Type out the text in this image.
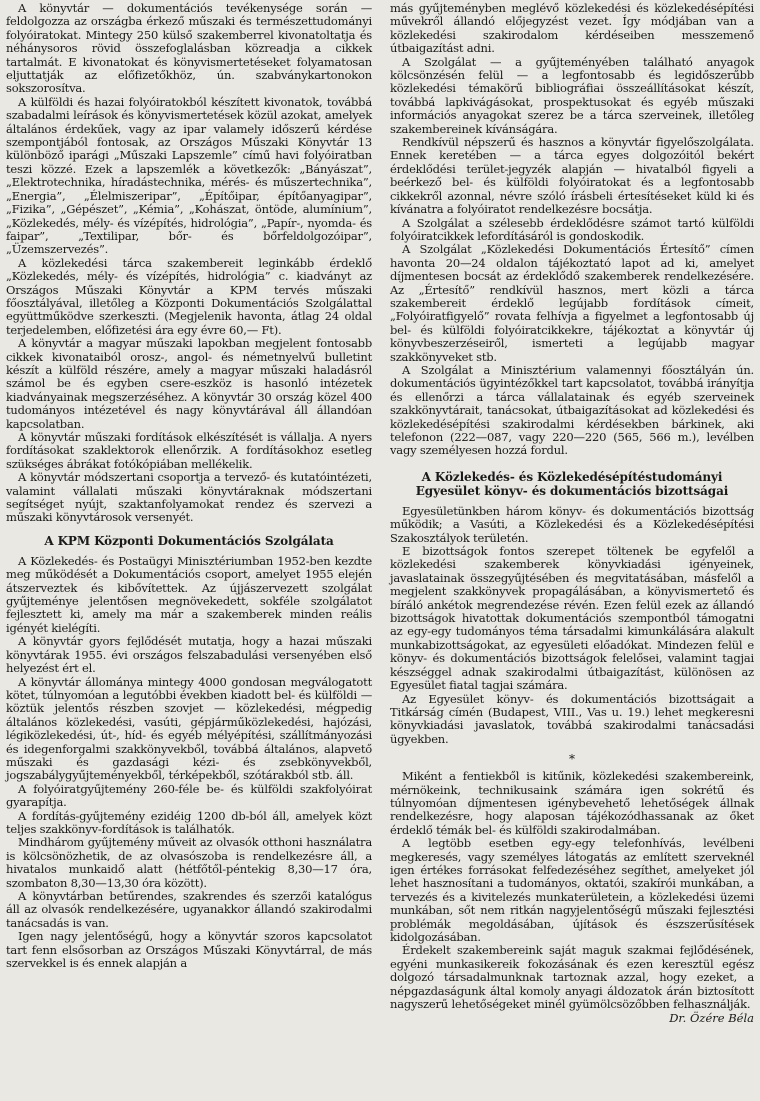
A könyvtár — dokumentációs tevékenysége során — feldolgozza az országba érkező műszaki és természettudományi folyóiratokat. Mintegy 250 külső szakemberrel kivonatoltatja és néhánysoros rövid összefoglalásban közreadja a cikkek tartalmát. E kivonatokat és könyvismertetéseket folyamatosan eljuttatják az előfizetőkhöz, ún. szabványkartonokon sokszorosítva.

A külföldi és hazai folyóiratokból készített kivonatok, továbbá szabadalmi leírások és könyvismertetések közül azokat, amelyek általános érdekűek, vagy az ipar valamely időszerű kérdése szempontjából fontosak, az Országos Műszaki Könyvtár 13 különböző iparági „Műszaki Lapszemle” című havi folyóiratban teszi közzé. Ezek a lapszemlék a következők: „Bányászat”, „Elektrotechnika, híradástechnika, mérés- és műszertechnika”, „Energia”, „Élelmiszeripar”, „Építőipar, építőanyagipar”, „Fizika”, „Gépészet”, „Kémia”, „Kohászat, öntöde, alumínium”, „Közlekedés, mély- és vízépítés, hidrológia”, „Papír-, nyomda- és faipar”, „Textilipar, bőr- és bőrfeldolgozóipar”, „Üzemszervezés”.

A közlekedési tárca szakembereit leginkább érdeklő „Közlekedés, mély- és vízépítés, hidrológia” c. kiadványt az Országos Műszaki Könyvtár a KPM tervés műszaki főosztályával, illetőleg a Központi Dokumentációs Szolgálattal együttműködve szerkeszti. (Megjelenik havonta, átlag 24 oldal terjedelemben, előfizetési ára egy évre 60,— Ft).

A könyvtár a magyar műszaki lapokban megjelent fontosabb cikkek kivonataiból orosz-, angol- és németnyelvű bulletint készít a külföld részére, amely a magyar műszaki haladásról számol be és egyben csere-eszköz is hasonló intézetek kiadványainak megszerzéséhez. A könyvtár 30 ország közel 400 tudományos intézetével és nagy könyvtárával áll állandóan kapcsolatban.

A könyvtár műszaki fordítások elkészítését is vállalja. A nyers fordításokat szaklektorok ellenőrzik. A fordításokhoz esetleg szükséges ábrákat fotókópiában mellékelik.

A könyvtár módszertani csoportja a tervező- és kutatóintézeti, valamint vállalati műszaki könyvtáraknak módszertani segítséget nyújt, szaktanfolyamokat rendez és szervezi a műszaki könyvtárosok versenyét.

A KPM Központi Dokumentációs Szolgálata

A Közlekedés- és Postaügyi Minisztériumban 1952-ben kezdte meg működését a Dokumentációs csoport, amelyet 1955 elején átszerveztek és kibővítettek. Az újjászervezett szolgálat gyűjteménye jelentősen megnövekedett, sokféle szolgálatot fejlesztett ki, amely ma már a szakemberek minden reális igényét kielégíti.

A könyvtár gyors fejlődését mutatja, hogy a hazai műszaki könyvtárak 1955. évi országos felszabadulási versenyében első helyezést ért el.

A könyvtár állománya mintegy 4000 gondosan megválogatott kötet, túlnyomóan a legutóbbi években kiadott bel- és külföldi — köztük jelentős részben szovjet — közlekedési, mégpedig általános közlekedési, vasúti, gépjárműközlekedési, hajózási, légiközlekedési, út-, híd- és egyéb mélyépítési, szállítmányozási és idegenforgalmi szakkönyvekből, továbbá általános, alapvető műszaki és gazdasági kézi- és zsebkönyvekből, jogszabálygyűjteményekből, térképekből, szótárakból stb. áll.

A folyóiratgyűjtemény 260-féle be- és külföldi szakfolyóirat gyarapítja.

A fordítás-gyűjtemény ezidéig 1200 db-ból áll, amelyek közt teljes szakkönyv-fordítások is találhatók.

Mindhárom gyűjtemény műveit az olvasók otthoni használatra is kölcsönözhetik, de az olvasószoba is rendelkezésre áll, a hivatalos munkaidő alatt (hétfőtől-péntekig 8,30—17 óra, szombaton 8,30—13,30 óra között).

A könyvtárban betűrendes, szakrendes és szerzői katalógus áll az olvasók rendelkezésére, ugyanakkor állandó szakirodalmi tanácsadás is van.

Igen nagy jelentőségű, hogy a könyvtár szoros kapcsolatot tart fenn elsősorban az Országos Műszaki Könyvtárral, de más szervekkel is és ennek alapján a

más gyűjteményben meglévő közlekedési és közlekedésépítési művekről állandó előjegyzést vezet. Így módjában van a közlekedési szakirodalom kérdéseiben messzemenő útbaigazítást adni.

A Szolgálat — a gyűjteményében található anyagok kölcsönzésén felül — a legfontosabb és legidőszerűbb közlekedési témakörű bibliográfiai összeállításokat készít, továbbá lapkivágásokat, prospektusokat és egyéb műszaki információs anyagokat szerez be a tárca szerveinek, illetőleg szakembereinek kívánságára.

Rendkívül népszerű és hasznos a könyvtár figyelőszolgálata. Ennek keretében — a tárca egyes dolgozóitól bekért érdeklődési terület-jegyzék alapján — hivatalból figyeli a beérkező bel- és külföldi folyóiratokat és a legfontosabb cikkekről azonnal, névre szóló írásbeli értesítéseket küld ki és kívánatra a folyóiratot rendelkezésre bocsátja.

A Szolgálat a szélesebb érdeklődésre számot tartó külföldi folyóiratcikkek lefordításáról is gondoskodik.

A Szolgálat „Közlekedési Dokumentációs Értesítő” címen havonta 20—24 oldalon tájékoztató lapot ad ki, amelyet díjmentesen bocsát az érdeklődő szakemberek rendelkezésére. Az „Értesítő” rendkívül hasznos, mert közli a tárca szakembereit érdeklő legújabb fordítások címeit, „Folyóiratfigyelő” rovata felhívja a figyelmet a legfontosabb új bel- és külföldi folyóiratcikkekre, tájékoztat a könyvtár új könyvbeszerzéseiről, ismerteti a legújabb magyar szakkönyveket stb.

A Szolgálat a Minisztérium valamennyi főosztályán ún. dokumentációs ügyintézőkkel tart kapcsolatot, továbbá irányítja és ellenőrzi a tárca vállalatainak és egyéb szerveinek szakkönyvtárait, tanácsokat, útbaigazításokat ad közlekedési és közlekedésépítési szakirodalmi kérdésekben bárkinek, aki telefonon (222—087, vagy 220—220 (565, 566 m.), levélben vagy személyesen hozzá fordul.

A Közlekedés- és Közlekedésépítéstudományi Egyesület könyv- és dokumentációs bizottságai

Egyesületünkben három könyv- és dokumentációs bizottság működik; a Vasúti, a Közlekedési és a Közlekedésépítési Szakosztályok területén.

E bizottságok fontos szerepet töltenek be egyfelől a közlekedési szakemberek könyvkiadási igényeinek, javaslatainak összegyűjtésében és megvitatásában, másfelől a megjelent szakkönyvek propagálásában, a könyvismertető és bíráló ankétok megrendezése révén. Ezen felül ezek az állandó bizottságok hivatottak dokumentációs szempontból támogatni az egy-egy tudományos téma társadalmi kimunkálására alakult munkabizottságokat, az egyesületi előadókat. Mindezen felül e könyv- és dokumentációs bizottságok felelősei, valamint tagjai készséggel adnak szakirodalmi útbaigazítást, különösen az Egyesület fiatal tagjai számára.

Az Egyesület könyv- és dokumentációs bizottságait a Titkárság címén (Budapest, VIII., Vas u. 19.) lehet megkeresni könyvkiadási javaslatok, továbbá szakirodalmi tanácsadási ügyekben.

*

Miként a fentiekből is kitűnik, közlekedési szakembereink, mérnökeink, technikusaink számára igen sokrétű és túlnyomóan díjmentesen igénybevehető lehetőségek állnak rendelkezésre, hogy alaposan tájékozódhassanak az őket érdeklő témák bel- és külföldi szakirodalmában.

A legtöbb esetben egy-egy telefonhívás, levélbeni megkeresés, vagy személyes látogatás az említett szerveknél igen értékes forrásokat felfedezéséhez segíthet, amelyeket jól lehet hasznosítani a tudományos, oktatói, szakírói munkában, a tervezés és a kivitelezés munkaterületein, a közlekedési üzemi munkában, sőt nem ritkán nagyjelentőségű műszaki fejlesztési problémák megoldásában, újítások és észszerűsítések kidolgozásában.

Érdekelt szakembereink saját maguk szakmai fejlődésének, egyéni munkasikereik fokozásának és ezen keresztül egész dolgozó társadalmunknak tartoznak azzal, hogy ezeket, a népgazdaságunk által komoly anyagi áldozatok árán biztosított nagyszerű lehetőségeket minél gyümölcsözőbben felhasználják.

Dr. Özére Béla
